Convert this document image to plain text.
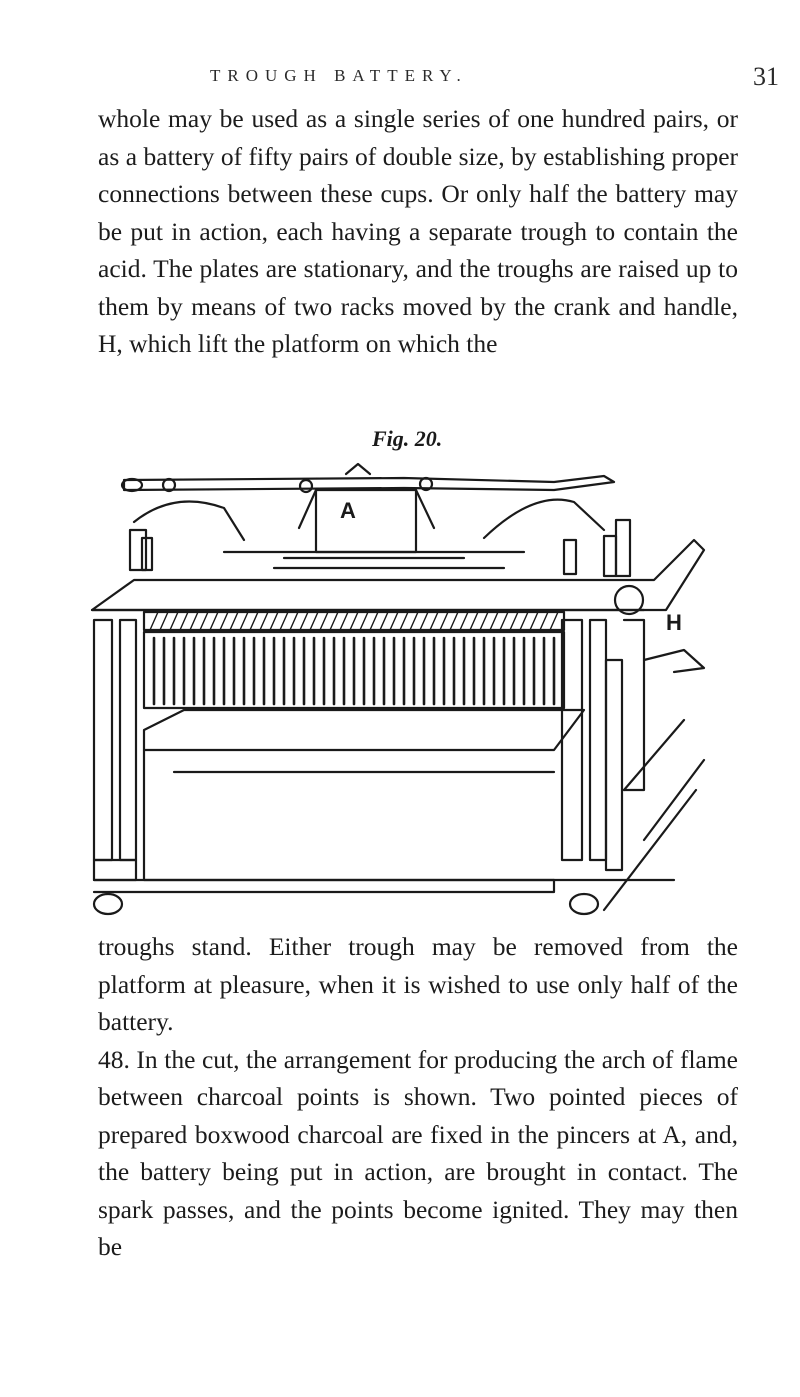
TROUGH BATTERY.	31

whole may be used as a single series of one hundred pairs, or as a battery of fifty pairs of double size, by establishing proper connections between these cups. Or only half the battery may be put in action, each having a separate trough to contain the acid. The plates are stationary, and the troughs are raised up to them by means of two racks moved by the crank and handle, H, which lift the platform on which the

Fig. 20.
A
H

troughs stand. Either trough may be removed from the platform at pleasure, when it is wished to use only half of the battery.

48. In the cut, the arrangement for producing the arch of flame between charcoal points is shown. Two pointed pieces of prepared boxwood charcoal are fixed in the pincers at A, and, the battery being put in action, are brought in contact. The spark passes, and the points become ignited. They may then be
